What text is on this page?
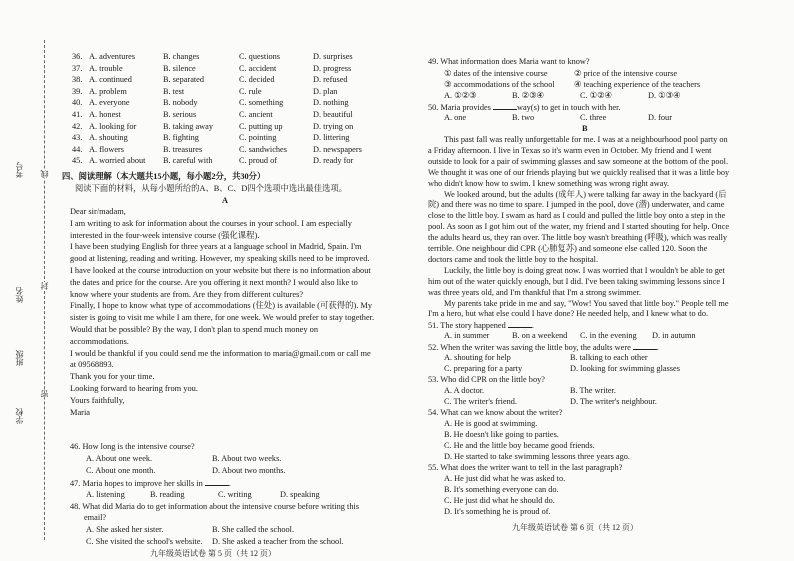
考号
姓名
学校
班级
线
封
密
36. A. adventures	B. changes	C. questions	D. surprises
37. A. trouble	B. silence	C. accident	D. progress
38. A. continued	B. separated	C. decided	D. refused
39. A. problem	B. test	C. rule	D. plan
40. A. everyone	B. nobody	C. something	D. nothing
41. A. honest	B. serious	C. ancient	D. beautiful
42. A. looking for	B. taking away	C. putting up	D. trying on
43. A. shouting	B. fighting	C. pointing	D. littering
44. A. flowers	B. treasures	C. sandwiches	D. newspapers
45. A. worried about B. careful with	C. proud of	D. ready for
四、阅读理解（本大题共15小题，每小题2分，共30分）
阅读下面的材料，从每小题所给的A、B、C、D四个选项中选出最佳选项。
A
Dear sir/madam,
I am writing to ask for information about the courses in your school. I am especially
interested in the four-week intensive course (强化课程).
I have been studying English for three years at a language school in Madrid, Spain. I'm
good at listening, reading and writing. However, my speaking skills need to be improved.
I have looked at the course introduction on your website but there is no information about
the dates and price for the course. Are you offering it next month? I would also like to
know where your students are from. Are they from different cultures?
Finally, I hope to know what type of accommodations (住处) is available (可获得的). My
sister is going to visit me while I am there, for one week. We would prefer to stay together.
Would that be possible? By the way, I don't plan to spend much money on
accommodations.
I would be thankful if you could send me the information to maria@gmail.com or call me
at 09568893.
Thank you for your time.
Looking forward to hearing from you.
Yours faithfully,
Maria
46. How long is the intensive course?
A. About one week.	B. About two weeks.
C. About one month.	D. About two months.
47. Maria hopes to improve her skills in	.
A. listening	B. reading	C. writing	D. speaking
48. What did Maria do to get information about the intensive course before writing this
email?
A. She asked her sister.	B. She called the school.
C. She visited the school's website. D. She asked a teacher from the school.
九年级英语试卷 第 5 页（共 12 页）
49. What information does Maria want to know?
① dates of the intensive course	② price of the intensive course
③ accommodations of the school ④ teaching experience of the teachers
A. ①②③	B. ②③④	C. ①②④	D. ①③④
50. Maria provides	way(s) to get in touch with her.
A. one	B. two	C. three	D. four
B
This past fall was really unforgettable for me. I was at a neighbourhood pool party on
a Friday afternoon. I live in Texas so it's warm even in October. My friend and I went
outside to look for a pair of swimming glasses and saw someone at the bottom of the pool.
We thought it was one of our friends playing but we quickly realised that it was a little boy
who didn't know how to swim. I knew something was wrong right away.
We looked around, but the adults (成年人) were talking far away in the backyard (后
院) and there was no time to spare. I jumped in the pool, dove (潜) underwater, and came
close to the little boy. I swam as hard as I could and pulled the little boy onto a step in the
pool. As soon as I got him out of the water, my friend and I started shouting for help. Once
the adults heard us, they ran over. The little boy wasn't breathing (呼吸), which was really
terrible. One neighbour did CPR (心肺复苏) and someone else called 120. Soon the
doctors came and took the little boy to the hospital.
Luckily, the little boy is doing great now. I was worried that I wouldn't be able to get
him out of the water quickly enough, but I did. I've been taking swimming lessons since I
was three years old, and I'm thankful that I'm a strong swimmer.
My parents take pride in me and say, "Wow! You saved that little boy." People tell me
I'm a hero, but what else could I have done? He needed help, and I knew what to do.
51. The story happened	.
A. in summer	B. on a weekend C. in the evening D. in autumn
52. When the writer was saving the little boy, the adults were	.
A. shouting for help	B. talking to each other
C. preparing for a party	D. looking for swimming glasses
53. Who did CPR on the little boy?
A. A doctor.	B. The writer.
C. The writer's friend.	D. The writer's neighbour.
54. What can we know about the writer?
A. He is good at swimming.
B. He doesn't like going to parties.
C. He and the little boy became good friends.
D. He started to take swimming lessons three years ago.
55. What does the writer want to tell in the last paragraph?
A. He just did what he was asked to.
B. It's something everyone can do.
C. He just did what he should do.
D. It's something he is proud of.
九年级英语试卷 第 6 页（共 12 页）
